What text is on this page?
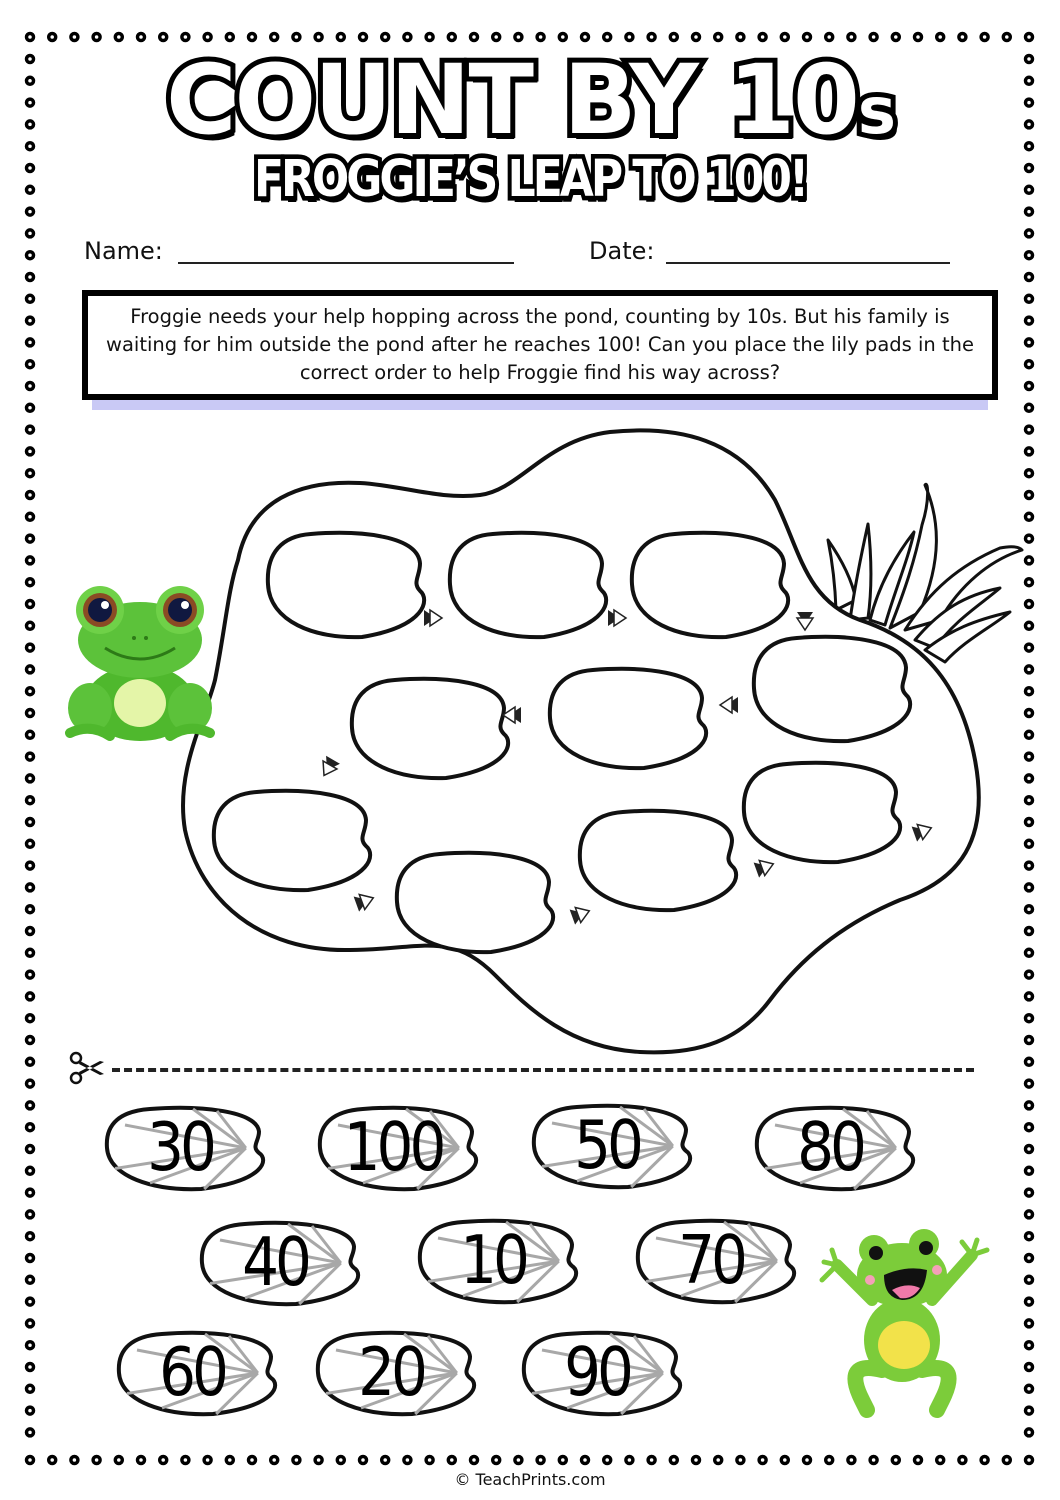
COUNT BY 10s
FROGGIE’S LEAP TO 100!
Name:	Date:
Froggie needs your help hopping across the pond, counting by 10s. But his family is waiting for him outside the pond after he reaches 100! Can you place the lily pads in the correct order to help Froggie find his way across?
30	100	50	80
40	10	70
60	20	90
© TeachPrints.com
